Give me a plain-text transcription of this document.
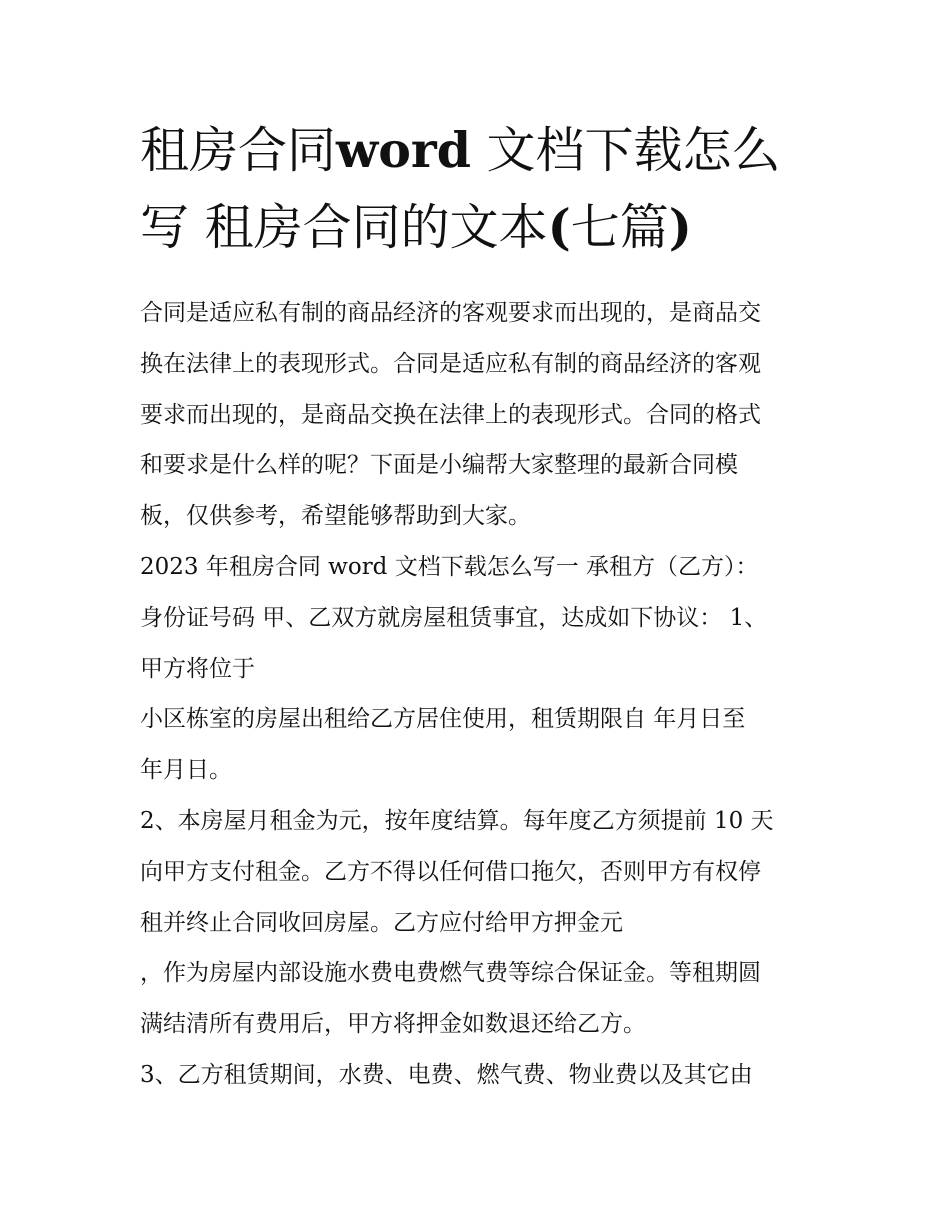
租房合同word 文档下载怎么
写 租房合同的文本(七篇)
合同是适应私有制的商品经济的客观要求而出现的，是商品交
换在法律上的表现形式。合同是适应私有制的商品经济的客观
要求而出现的，是商品交换在法律上的表现形式。合同的格式
和要求是什么样的呢？下面是小编帮大家整理的最新合同模
板，仅供参考，希望能够帮助到大家。
2023 年租房合同 word 文档下载怎么写一 承租方（乙方）：
身份证号码 甲、乙双方就房屋租赁事宜，达成如下协议： 1、
甲方将位于
小区栋室的房屋出租给乙方居住使用，租赁期限自 年月日至
年月日。
2、本房屋月租金为元，按年度结算。每年度乙方须提前 10 天
向甲方支付租金。乙方不得以任何借口拖欠，否则甲方有权停
租并终止合同收回房屋。乙方应付给甲方押金元
，作为房屋内部设施水费电费燃气费等综合保证金。等租期圆
满结清所有费用后，甲方将押金如数退还给乙方。
3、乙方租赁期间，水费、电费、燃气费、物业费以及其它由
